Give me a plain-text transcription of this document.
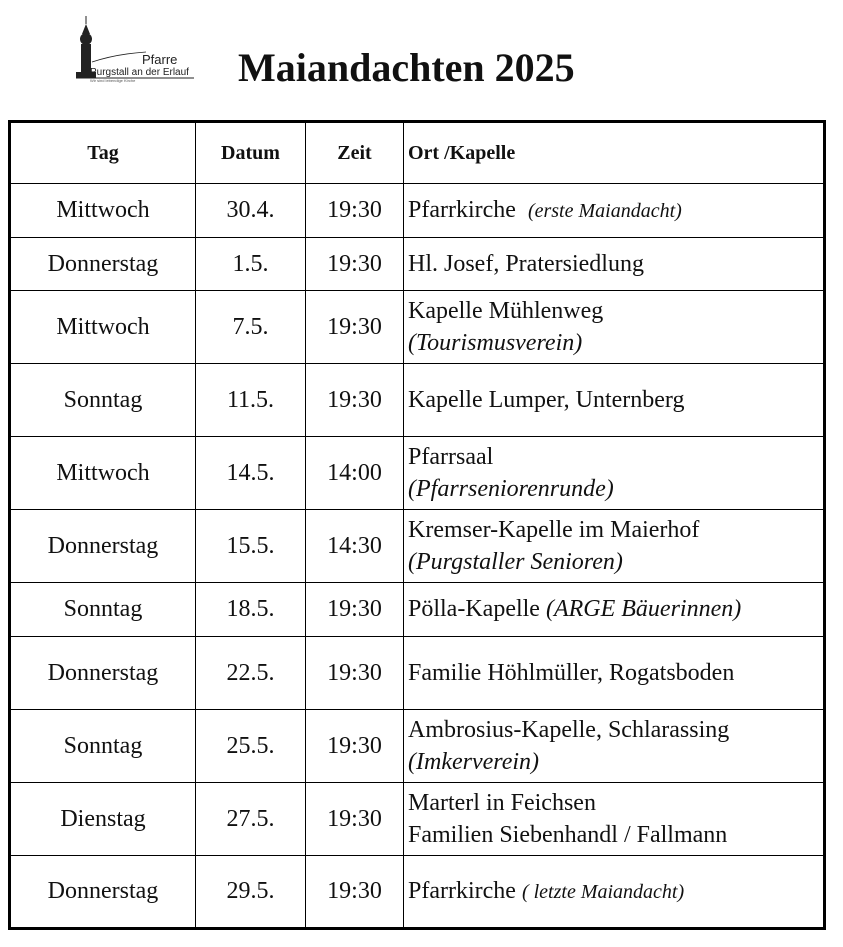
Pfarre
Purgstall an der Erlauf
Wir sind lebendige Kirche	Maiandachten 2025
Tag	Datum	Zeit	Ort /Kapelle
Mittwoch	30.4.	19:30	Pfarrkirche (erste Maiandacht)
Donnerstag	1.5.	19:30	Hl. Josef, Pratersiedlung
Mittwoch	7.5.	19:30	Kapelle Mühlenweg
(Tourismusverein)
Sonntag	11.5.	19:30	Kapelle Lumper, Unternberg
Mittwoch	14.5.	14:00	Pfarrsaal
(Pfarrseniorenrunde)
Donnerstag	15.5.	14:30	Kremser-Kapelle im Maierhof
(Purgstaller Senioren)
Sonntag	18.5.	19:30	Pölla-Kapelle (ARGE Bäuerinnen)
Donnerstag	22.5.	19:30	Familie Höhlmüller, Rogatsboden
Sonntag	25.5.	19:30	Ambrosius-Kapelle, Schlarassing
(Imkerverein)
Dienstag	27.5.	19:30	Marterl in Feichsen
Familien Siebenhandl / Fallmann
Donnerstag	29.5.	19:30	Pfarrkirche ( letzte Maiandacht)
